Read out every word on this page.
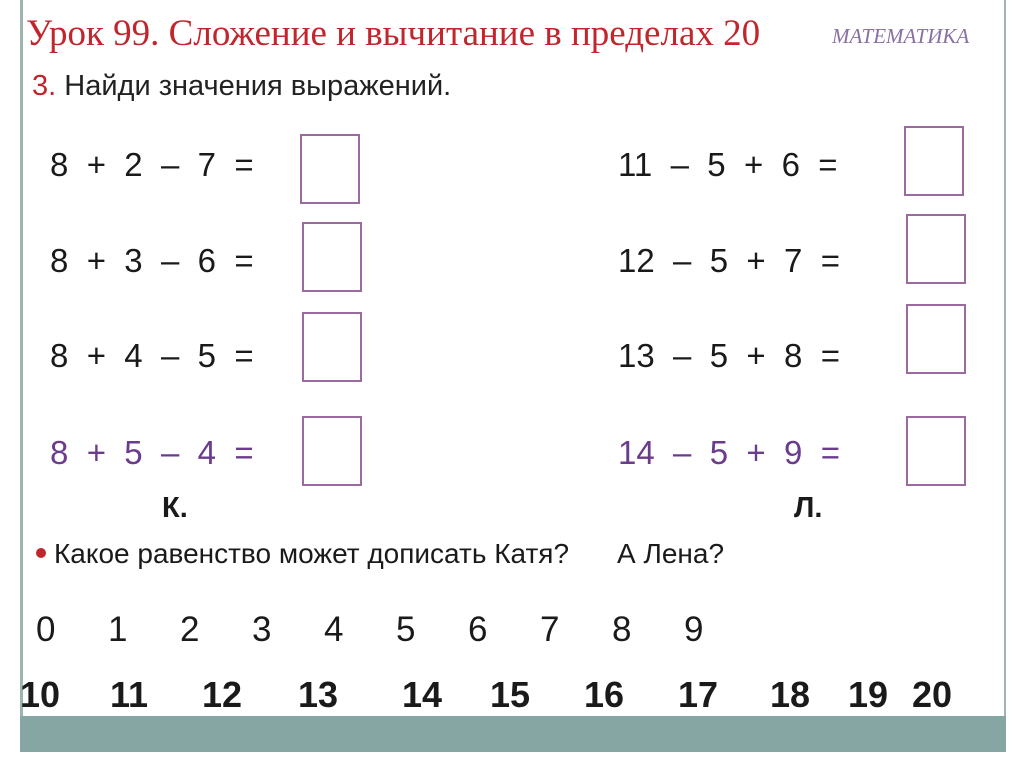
Урок 99. Сложение и вычитание в пределах 20	МАТЕМАТИКА
3. Найди значения выражений.
8  +  2  –  7  =
8  +  3  –  6  =
8  +  4  –  5  =
8  +  5  –  4  =
11  –  5  +  6  =
12  –  5  +  7  =
13  –  5  +  8  =
14  –  5  +  9  =
К.	Л.
Какое равенство может дописать Катя? А Лена?
0 1 2 3 4 5 6 7 8 9
10 11 12 13 14 15 16 17 18 19 20
